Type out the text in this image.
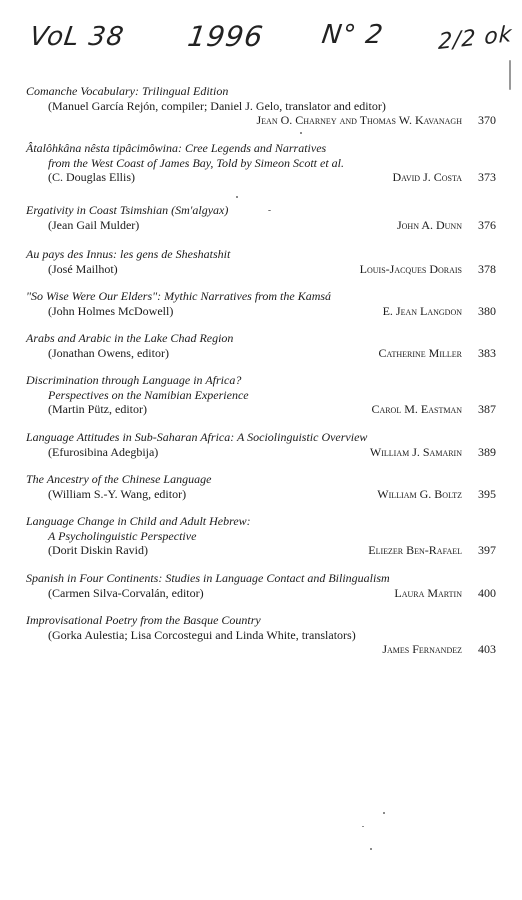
VoL 38 1996 N° 2 2/2 ok
Comanche Vocabulary: Trilingual Edition
(Manuel García Rejón, compiler; Daniel J. Gelo, translator and editor)
Jean O. Charney and Thomas W. Kavanagh	370
Âtalôhkâna nêsta tipâcimôwina: Cree Legends and Narratives
from the West Coast of James Bay, Told by Simeon Scott et al.
(C. Douglas Ellis)	David J. Costa	373
Ergativity in Coast Tsimshian (Sm'algyax)
(Jean Gail Mulder)	John A. Dunn	376
Au pays des Innus: les gens de Sheshatshit
(José Mailhot)	Louis-Jacques Dorais	378
"So Wise Were Our Elders": Mythic Narratives from the Kamsá
(John Holmes McDowell)	E. Jean Langdon	380
Arabs and Arabic in the Lake Chad Region
(Jonathan Owens, editor)	Catherine Miller	383
Discrimination through Language in Africa?
Perspectives on the Namibian Experience
(Martin Pütz, editor)	Carol M. Eastman	387
Language Attitudes in Sub-Saharan Africa: A Sociolinguistic Overview
(Efurosibina Adegbija)	William J. Samarin	389
The Ancestry of the Chinese Language
(William S.-Y. Wang, editor)	William G. Boltz	395
Language Change in Child and Adult Hebrew:
A Psycholinguistic Perspective
(Dorit Diskin Ravid)	Eliezer Ben-Rafael	397
Spanish in Four Continents: Studies in Language Contact and Bilingualism
(Carmen Silva-Corvalán, editor)	Laura Martin	400
Improvisational Poetry from the Basque Country
(Gorka Aulestia; Lisa Corcostegui and Linda White, translators)
James Fernandez	403
